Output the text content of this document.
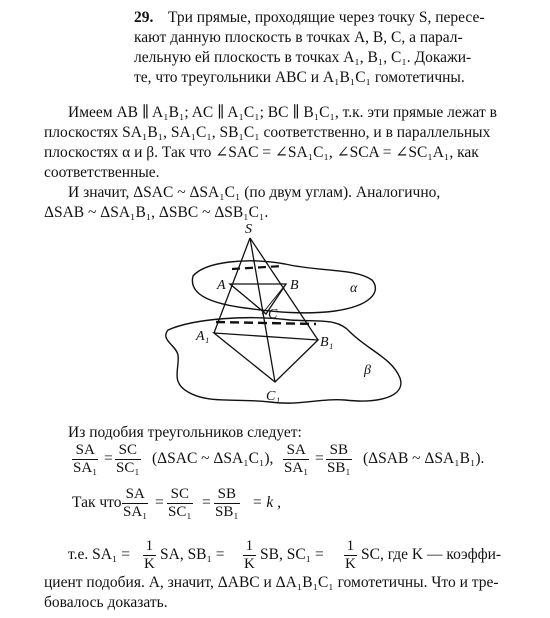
29. Три прямые, проходящие через точку S, пересе-
кают данную плоскость в точках A, B, C, а парал-
лельную ей плоскость в точках A₁, B₁, C₁. Докажи-
те, что треугольники ABC и A₁B₁C₁ гомотетичны.
Имеем AB ∥ A₁B₁; AC ∥ A₁C₁; BC ∥ B₁C₁, т.к. эти прямые лежат в
плоскостях SA₁B₁, SA₁C₁, SB₁C₁ соответственно, и в параллельных
плоскостях α и β. Так что ∠SAC = ∠SA₁C₁, ∠SCA = ∠SC₁A₁, как
соответственные.
И значит, ΔSAC ~ ΔSA₁C₁ (по двум углам). Аналогично,
ΔSAB ~ ΔSA₁B₁, ΔSBC ~ ΔSB₁C₁.
S
A	B
C
A₁	B₁
C₁
α
β
Из подобия треугольников следует:
$\frac{SA}{\text{SA₁}} = \frac{SC}{\text{SC₁}} (\Delta SAC$ ~ ΔSA₁C₁), $\frac{SA}{\text{SA₁}} = \frac{SB}{\text{SB₁}} (\Delta SAB$ ~ ΔSA₁B₁).
Так что $\frac{SA}{\text{SA₁}} = \frac{SC}{\text{SC₁}} = \frac{SB}{\text{SB₁}} = k$ ,
т.е. $SA_1 = \frac{1}{K}$ SA, $SB_1 = \frac{1}{K}$ SB, $SC_1 = \frac{1}{K}$ SC, где K — коэффи-
циент подобия. А, значит, ΔABC и ΔA₁B₁C₁ гомотетичны. Что и тре-
бовалось доказать.
